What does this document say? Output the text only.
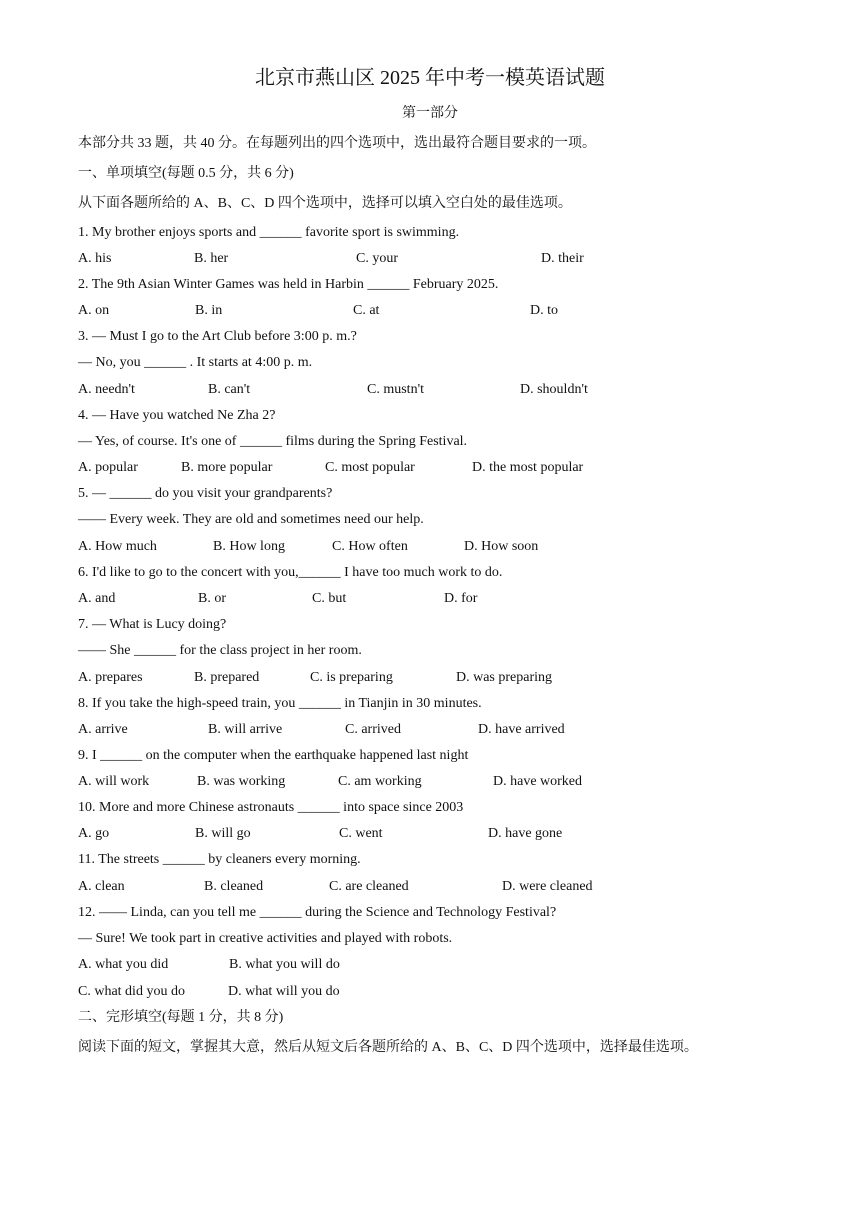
北京市燕山区 2025 年中考一模英语试题
第一部分
本部分共 33 题，共 40 分。在每题列出的四个选项中，选出最符合题目要求的一项。
一、单项填空(每题 0.5 分，共 6 分)
从下面各题所给的 A、B、C、D 四个选项中，选择可以填入空白处的最佳选项。
1. My brother enjoys sports and ______ favorite sport is swimming.
A. his	B. her	C. your	D. their
2. The 9th Asian Winter Games was held in Harbin ______ February 2025.
A. on	B. in	C. at	D. to
3. — Must I go to the Art Club before 3:00 p. m.?
— No, you ______ . It starts at 4:00 p. m.
A. needn't	B. can't	C. mustn't	D. shouldn't
4. — Have you watched Ne Zha 2?
— Yes, of course. It's one of ______ films during the Spring Festival.
A. popular	B. more popular	C. most popular	D. the most popular
5. — ______ do you visit your grandparents?
—— Every week. They are old and sometimes need our help.
A. How much	B. How long	C. How often	D. How soon
6. I'd like to go to the concert with you,______ I have too much work to do.
A. and	B. or	C. but	D. for
7. — What is Lucy doing?
—— She ______ for the class project in her room.
A. prepares	B. prepared	C. is preparing	D. was preparing
8. If you take the high-speed train, you ______ in Tianjin in 30 minutes.
A. arrive	B. will arrive	C. arrived	D. have arrived
9. I ______ on the computer when the earthquake happened last night
A. will work	B. was working	C. am working	D. have worked
10. More and more Chinese astronauts ______ into space since 2003
A. go	B. will go	C. went	D. have gone
11. The streets ______ by cleaners every morning.
A. clean	B. cleaned	C. are cleaned	D. were cleaned
12. —— Linda, can you tell me ______ during the Science and Technology Festival?
— Sure! We took part in creative activities and played with robots.
A. what you did	B. what you will do
C. what did you do	D. what will you do
二、完形填空(每题 1 分，共 8 分)
阅读下面的短文，掌握其大意，然后从短文后各题所给的 A、B、C、D 四个选项中，选择最佳选项。
